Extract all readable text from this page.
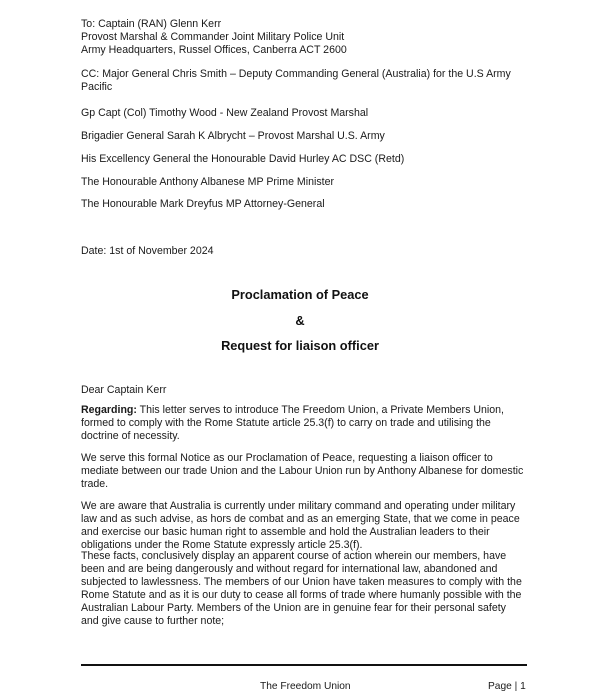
To: Captain (RAN) Glenn Kerr
Provost Marshal & Commander Joint Military Police Unit
Army Headquarters, Russel Offices, Canberra ACT 2600
CC: Major General Chris Smith – Deputy Commanding General (Australia) for the U.S Army
Pacific
Gp Capt (Col) Timothy Wood - New Zealand Provost Marshal
Brigadier General Sarah K Albrycht – Provost Marshal U.S. Army
His Excellency General the Honourable David Hurley AC DSC (Retd)
The Honourable Anthony Albanese MP Prime Minister
The Honourable Mark Dreyfus MP Attorney-General
Date: 1st of November 2024
Proclamation of Peace
&
Request for liaison officer
Dear Captain Kerr
Regarding: This letter serves to introduce The Freedom Union, a Private Members Union, formed to comply with the Rome Statute article 25.3(f) to carry on trade and utilising the doctrine of necessity.
We serve this formal Notice as our Proclamation of Peace, requesting a liaison officer to mediate between our trade Union and the Labour Union run by Anthony Albanese for domestic trade.
We are aware that Australia is currently under military command and operating under military law and as such advise, as hors de combat and as an emerging State, that we come in peace and exercise our basic human right to assemble and hold the Australian leaders to their obligations under the Rome Statute expressly article 25.3(f).
These facts, conclusively display an apparent course of action wherein our members, have been and are being dangerously and without regard for international law, abandoned and subjected to lawlessness. The members of our Union have taken measures to comply with the Rome Statute and as it is our duty to cease all forms of trade where humanly possible with the Australian Labour Party. Members of the Union are in genuine fear for their personal safety and give cause to further note;
The Freedom Union	Page | 1
